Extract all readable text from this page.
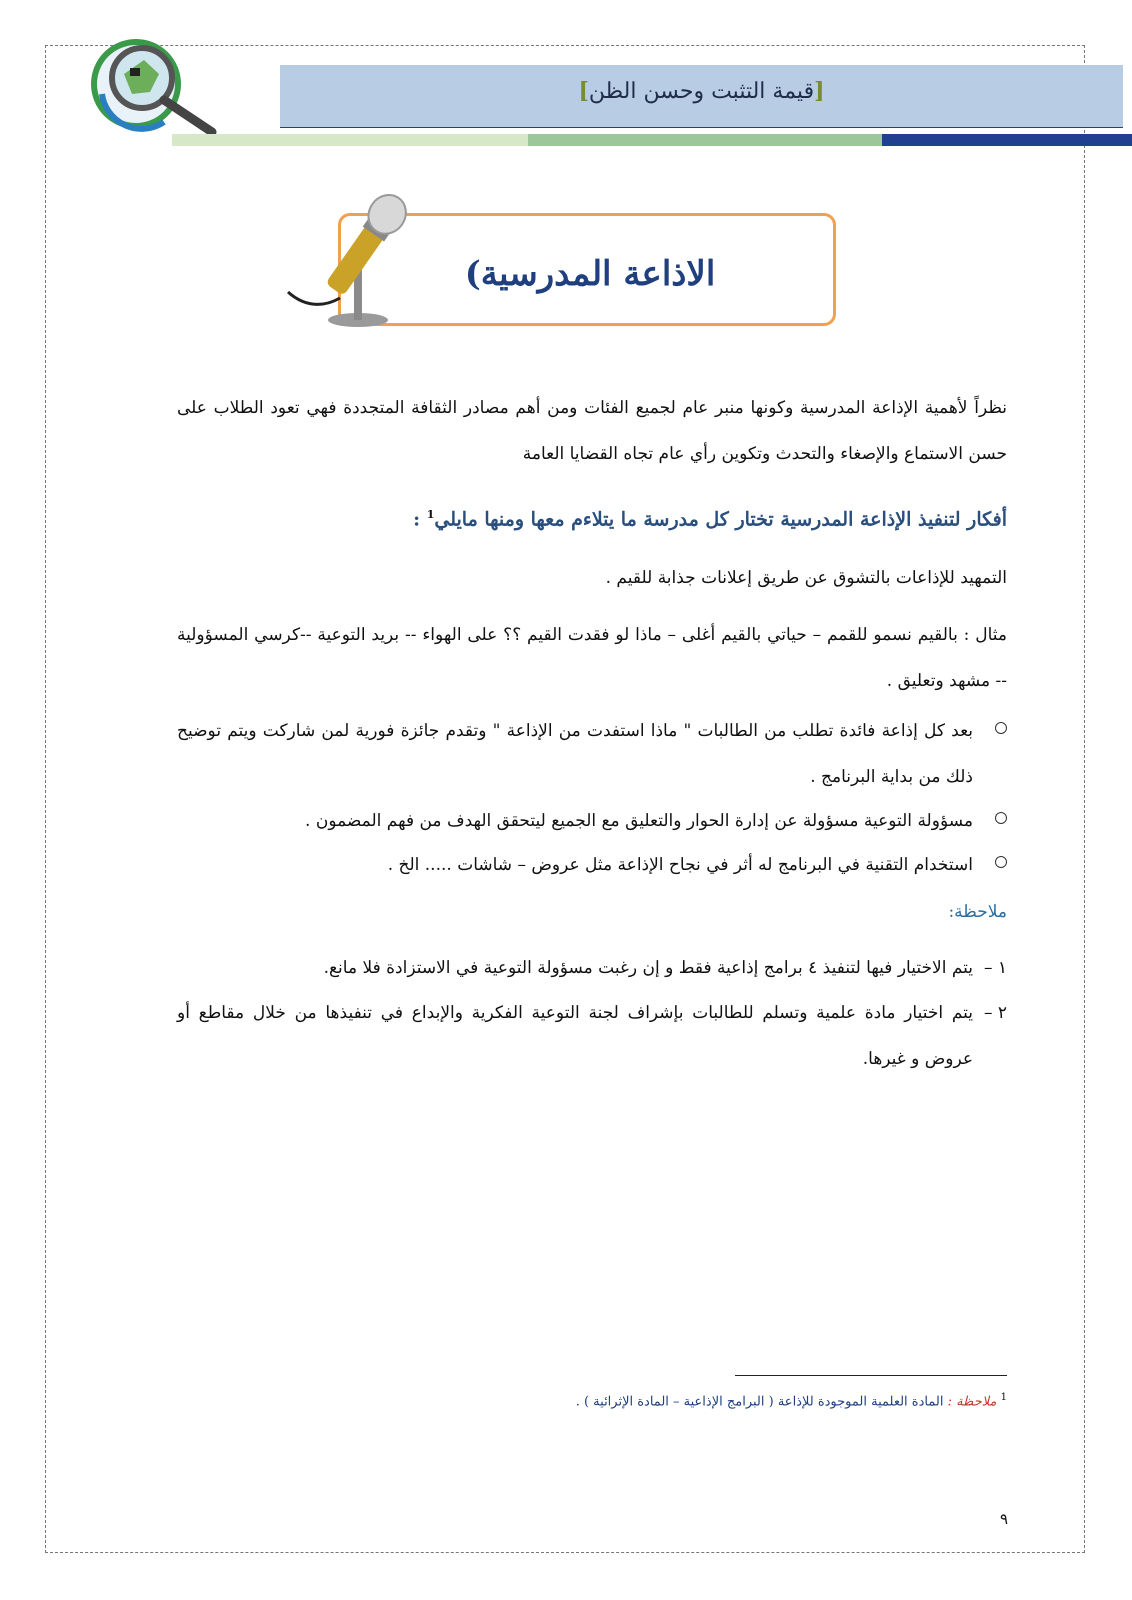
[قيمة التثبت وحسن الظن]
الاذاعة المدرسية)
نظراً لأهمية الإذاعة المدرسية وكونها منبر عام لجميع الفئات ومن أهم مصادر الثقافة المتجددة فهي تعود الطلاب على حسن الاستماع والإصغاء والتحدث وتكوين رأي عام تجاه القضايا العامة
أفكار لتنفيذ الإذاعة المدرسية تختار كل مدرسة ما يتلاءم معها ومنها مايلي$^1$ :
التمهيد للإذاعات بالتشوق عن طريق إعلانات جذابة للقيم .
مثال : بالقيم نسمو للقمم – حياتي بالقيم أغلى – ماذا لو فقدت القيم ؟؟ على الهواء -- بريد التوعية --كرسي المسؤولية -- مشهد وتعليق .
بعد كل إذاعة فائدة تطلب من الطالبات " ماذا استفدت من الإذاعة " وتقدم جائزة فورية لمن شاركت ويتم توضيح ذلك من بداية البرنامج .
مسؤولة التوعية مسؤولة عن إدارة الحوار والتعليق مع الجميع ليتحقق الهدف من فهم المضمون .
استخدام التقنية في البرنامج له أثر في نجاح الإذاعة مثل عروض – شاشات ..... الخ .
ملاحظة:
١ –
يتم الاختيار فيها لتنفيذ ٤ برامج إذاعية فقط و إن رغبت مسؤولة التوعية في الاستزادة فلا مانع.
٢ –
يتم اختيار مادة علمية وتسلم للطالبات بإشراف لجنة التوعية الفكرية والإبداع في تنفيذها من خلال مقاطع أو عروض و غيرها.
$^1$ ملاحظة : المادة العلمية الموجودة للإذاعة ( البرامج الإذاعية – المادة الإثرائية ) .
٩
